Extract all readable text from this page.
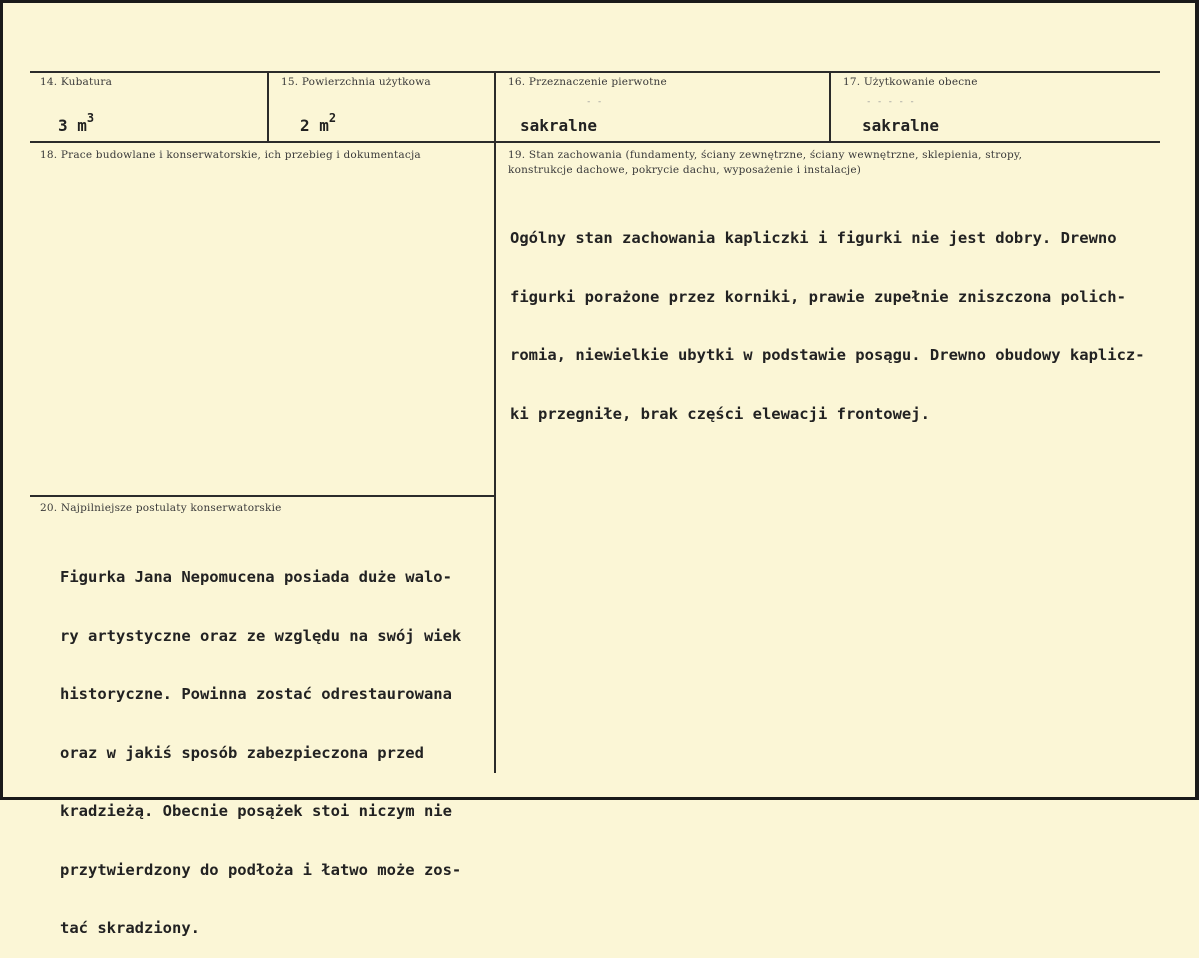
14. Kubatura
3 $m^3$
15. Powierzchnia użytkowa
2 $m^2$
16. Przeznaczenie pierwotne
- -
sakralne
17. Użytkowanie obecne
- - - - -
sakralne
18. Prace budowlane i konserwatorskie, ich przebieg i dokumentacja	19. Stan zachowania (fundamenty, ściany zewnętrzne, ściany wewnętrzne, sklepienia, stropy,
konstrukcje dachowe, pokrycie dachu, wyposażenie i instalacje)

Ogólny stan zachowania kapliczki i figurki nie jest dobry. Drewno

figurki porażone przez korniki, prawie zupełnie zniszczona polich-

romia, niewielkie ubytki w podstawie posągu. Drewno obudowy kaplicz-

ki przegniłe, brak części elewacji frontowej.

20. Najpilniejsze postulaty konserwatorskie

Figurka Jana Nepomucena posiada duże walo-

ry artystyczne oraz ze względu na swój wiek

historyczne. Powinna zostać odrestaurowana

oraz w jakiś sposób zabezpieczona przed

kradzieżą. Obecnie posążek stoi niczym nie

przytwierdzony do podłoża i łatwo może zos-

tać skradziony.
